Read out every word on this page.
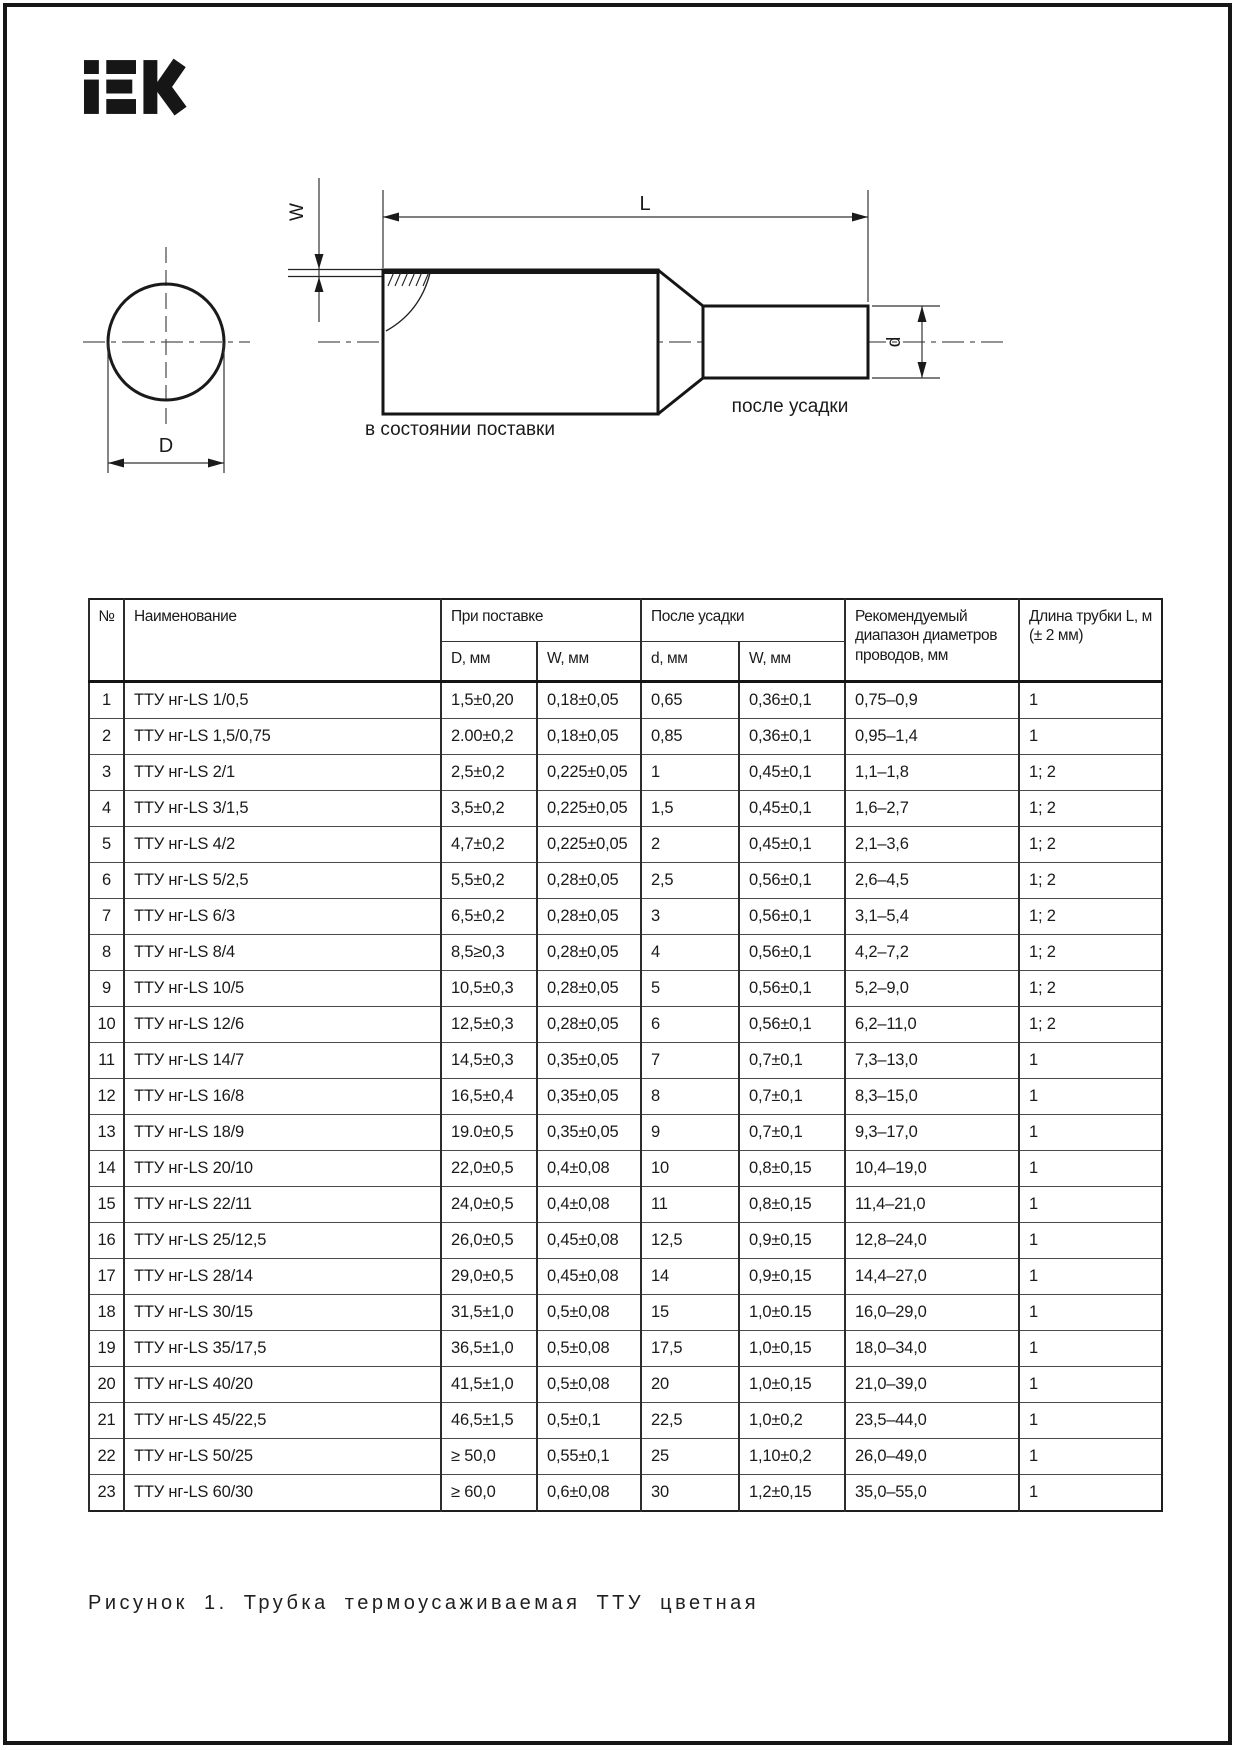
D
W	L
в состоянии поставки
d
после усадки
№	Наименование	При поставке		После усадки		Рекомендуемый диапазон диаметров проводов, мм	Длина трубки L, м (± 2 мм)
		D, мм	W, мм	d, мм	W, мм		
1	ТТУ нг-LS 1/0,5	1,5±0,20	0,18±0,05	0,65	0,36±0,1	0,75–0,9	1
2	ТТУ нг-LS 1,5/0,75	2.00±0,2	0,18±0,05	0,85	0,36±0,1	0,95–1,4	1
3	ТТУ нг-LS 2/1	2,5±0,2	0,225±0,05	1	0,45±0,1	1,1–1,8	1; 2
4	ТТУ нг-LS 3/1,5	3,5±0,2	0,225±0,05	1,5	0,45±0,1	1,6–2,7	1; 2
5	ТТУ нг-LS 4/2	4,7±0,2	0,225±0,05	2	0,45±0,1	2,1–3,6	1; 2
6	ТТУ нг-LS 5/2,5	5,5±0,2	0,28±0,05	2,5	0,56±0,1	2,6–4,5	1; 2
7	ТТУ нг-LS 6/3	6,5±0,2	0,28±0,05	3	0,56±0,1	3,1–5,4	1; 2
8	ТТУ нг-LS 8/4	8,5≥0,3	0,28±0,05	4	0,56±0,1	4,2–7,2	1; 2
9	ТТУ нг-LS 10/5	10,5±0,3	0,28±0,05	5	0,56±0,1	5,2–9,0	1; 2
10	ТТУ нг-LS 12/6	12,5±0,3	0,28±0,05	6	0,56±0,1	6,2–11,0	1; 2
11	ТТУ нг-LS 14/7	14,5±0,3	0,35±0,05	7	0,7±0,1	7,3–13,0	1
12	ТТУ нг-LS 16/8	16,5±0,4	0,35±0,05	8	0,7±0,1	8,3–15,0	1
13	ТТУ нг-LS 18/9	19.0±0,5	0,35±0,05	9	0,7±0,1	9,3–17,0	1
14	ТТУ нг-LS 20/10	22,0±0,5	0,4±0,08	10	0,8±0,15	10,4–19,0	1
15	ТТУ нг-LS 22/11	24,0±0,5	0,4±0,08	11	0,8±0,15	11,4–21,0	1
16	ТТУ нг-LS 25/12,5	26,0±0,5	0,45±0,08	12,5	0,9±0,15	12,8–24,0	1
17	ТТУ нг-LS 28/14	29,0±0,5	0,45±0,08	14	0,9±0,15	14,4–27,0	1
18	ТТУ нг-LS 30/15	31,5±1,0	0,5±0,08	15	1,0±0.15	16,0–29,0	1
19	ТТУ нг-LS 35/17,5	36,5±1,0	0,5±0,08	17,5	1,0±0,15	18,0–34,0	1
20	ТТУ нг-LS 40/20	41,5±1,0	0,5±0,08	20	1,0±0,15	21,0–39,0	1
21	ТТУ нг-LS 45/22,5	46,5±1,5	0,5±0,1	22,5	1,0±0,2	23,5–44,0	1
22	ТТУ нг-LS 50/25	≥ 50,0	0,55±0,1	25	1,10±0,2	26,0–49,0	1
23	ТТУ нг-LS 60/30	≥ 60,0	0,6±0,08	30	1,2±0,15	35,0–55,0	1
Рисунок 1. Трубка термоусаживаемая ТТУ цветная
